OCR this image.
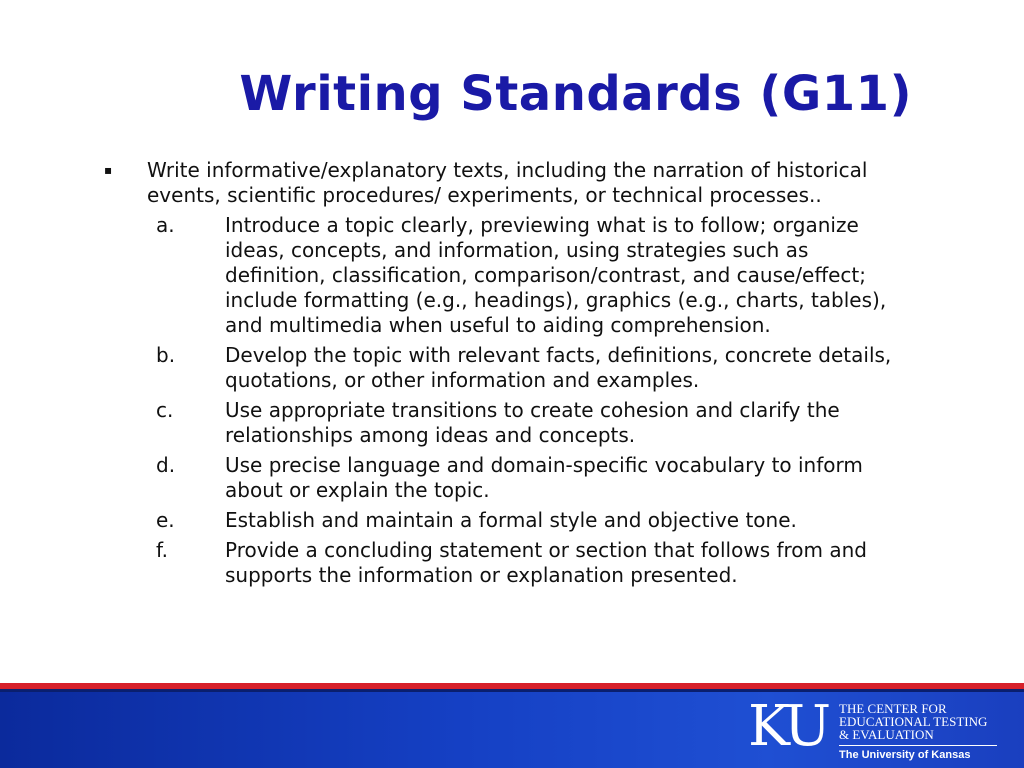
Writing Standards (G11)
▪	Write informative/explanatory texts, including the narration of historical events, scientific procedures/ experiments, or technical processes..
a.	Introduce a topic clearly, previewing what is to follow; organize ideas, concepts, and information, using strategies such as definition, classification, comparison/contrast, and cause/effect; include formatting (e.g., headings), graphics (e.g., charts, tables), and multimedia when useful to aiding comprehension.
b.	Develop the topic with relevant facts, definitions, concrete details, quotations, or other information and examples.
c.	Use appropriate transitions to create cohesion and clarify the relationships among ideas and concepts.
d.	Use precise language and domain-specific vocabulary to inform about or explain the topic.
e.	Establish and maintain a formal style and objective tone.
f.	Provide a concluding statement or section that follows from and supports the information or explanation presented.
KU THE CENTER FOR
EDUCATIONAL TESTING
& EVALUATION
The University of Kansas
